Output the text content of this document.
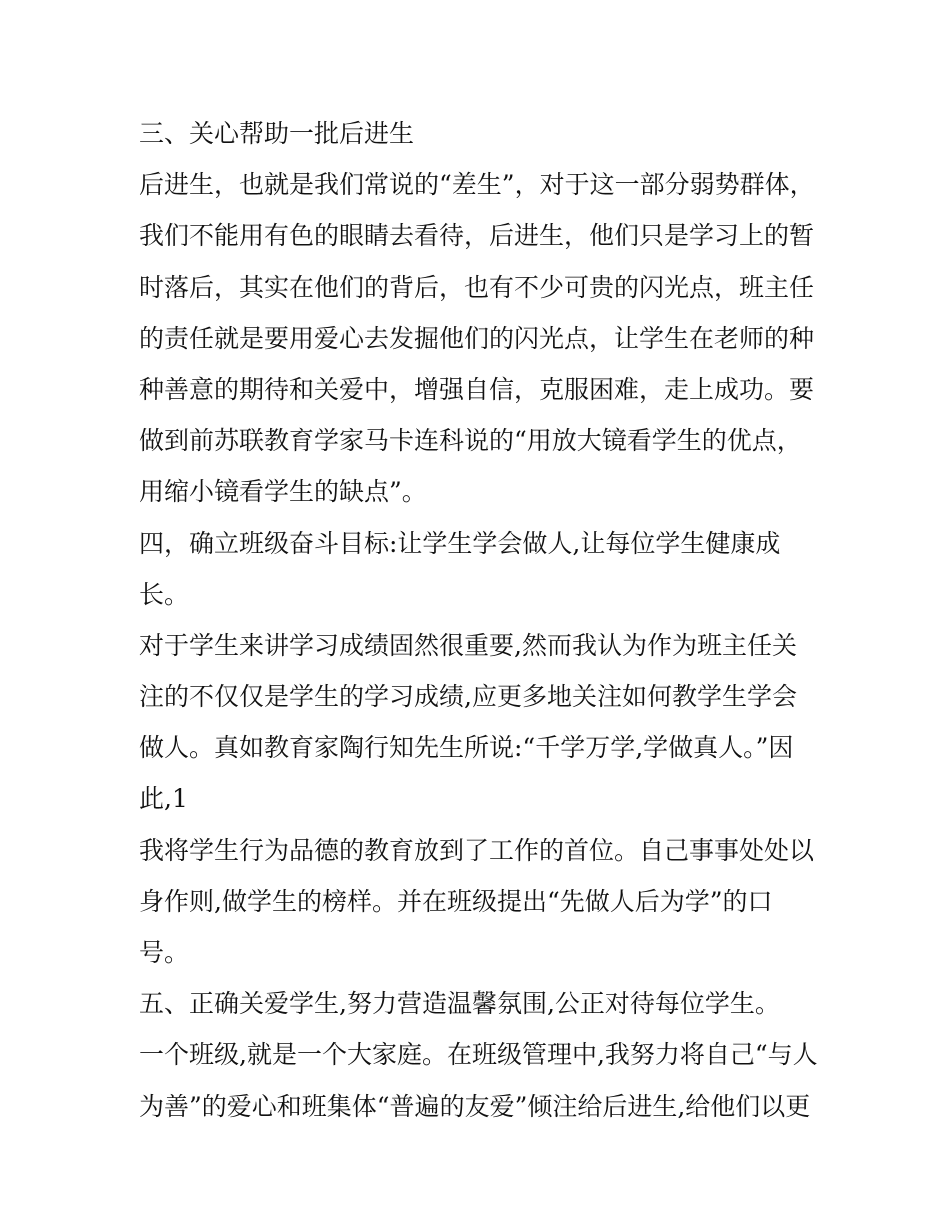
三、关心帮助一批后进生
后进生，也就是我们常说的“差生”，对于这一部分弱势群体，
我们不能用有色的眼睛去看待，后进生，他们只是学习上的暂
时落后，其实在他们的背后，也有不少可贵的闪光点，班主任
的责任就是要用爱心去发掘他们的闪光点，让学生在老师的种
种善意的期待和关爱中，增强自信，克服困难，走上成功。要
做到前苏联教育学家马卡连科说的“用放大镜看学生的优点，
用缩小镜看学生的缺点”。
四，确立班级奋斗目标:让学生学会做人,让每位学生健康成
长。
对于学生来讲学习成绩固然很重要,然而我认为作为班主任关
注的不仅仅是学生的学习成绩,应更多地关注如何教学生学会
做人。真如教育家陶行知先生所说:“千学万学,学做真人。”因
此,1
我将学生行为品德的教育放到了工作的首位。自己事事处处以
身作则,做学生的榜样。并在班级提出“先做人后为学”的口
号。
五、正确关爱学生,努力营造温馨氛围,公正对待每位学生。
一个班级,就是一个大家庭。在班级管理中,我努力将自己“与人
为善”的爱心和班集体“普遍的友爱”倾注给后进生,给他们以更
